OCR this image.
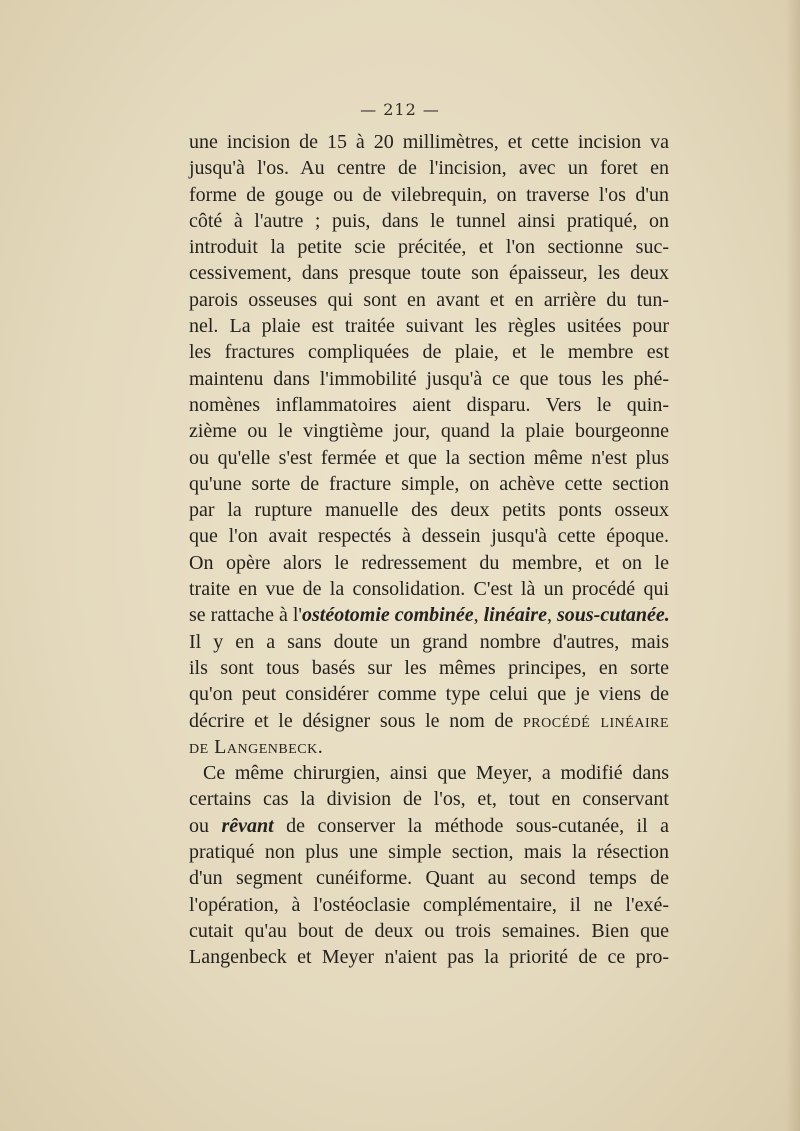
— 212 —
une incision de 15 à 20 millimètres, et cette incision va
jusqu'à l'os. Au centre de l'incision, avec un foret en
forme de gouge ou de vilebrequin, on traverse l'os d'un
côté à l'autre ; puis, dans le tunnel ainsi pratiqué, on
introduit la petite scie précitée, et l'on sectionne suc-
cessivement, dans presque toute son épaisseur, les deux
parois osseuses qui sont en avant et en arrière du tun-
nel. La plaie est traitée suivant les règles usitées pour
les fractures compliquées de plaie, et le membre est
maintenu dans l'immobilité jusqu'à ce que tous les phé-
nomènes inflammatoires aient disparu. Vers le quin-
zième ou le vingtième jour, quand la plaie bourgeonne
ou qu'elle s'est fermée et que la section même n'est plus
qu'une sorte de fracture simple, on achève cette section
par la rupture manuelle des deux petits ponts osseux
que l'on avait respectés à dessein jusqu'à cette époque.
On opère alors le redressement du membre, et on le
traite en vue de la consolidation. C'est là un procédé qui
se rattache à l'ostéotomie combinée, linéaire, sous-cutanée.
Il y en a sans doute un grand nombre d'autres, mais
ils sont tous basés sur les mêmes principes, en sorte
qu'on peut considérer comme type celui que je viens de
décrire et le désigner sous le nom de procédé linéaire
de Langenbeck.
Ce même chirurgien, ainsi que Meyer, a modifié dans
certains cas la division de l'os, et, tout en conservant
ou rêvant de conserver la méthode sous-cutanée, il a
pratiqué non plus une simple section, mais la résection
d'un segment cunéiforme. Quant au second temps de
l'opération, à l'ostéoclasie complémentaire, il ne l'exé-
cutait qu'au bout de deux ou trois semaines. Bien que
Langenbeck et Meyer n'aient pas la priorité de ce pro-
